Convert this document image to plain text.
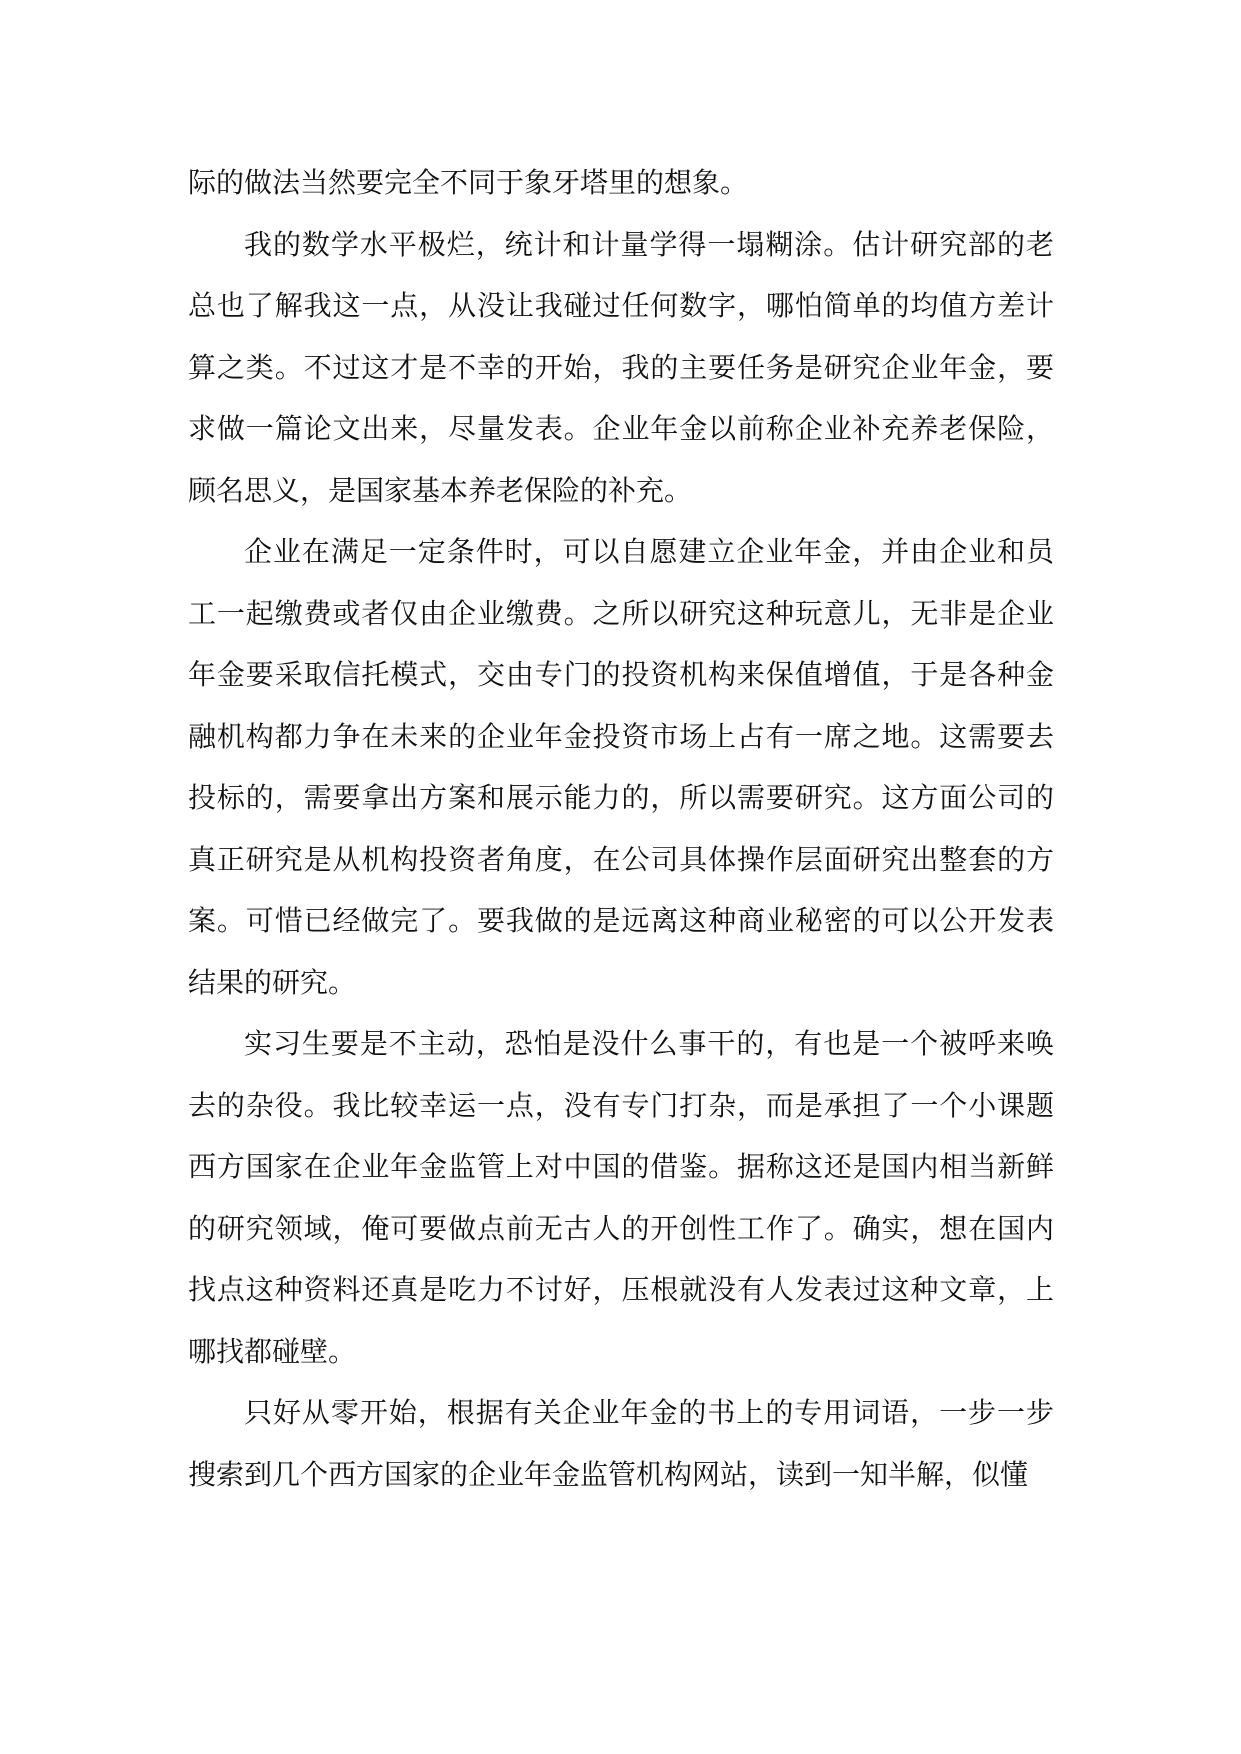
际的做法当然要完全不同于象牙塔里的想象。

我的数学水平极烂，统计和计量学得一塌糊涂。估计研究部的老总也了解我这一点，从没让我碰过任何数字，哪怕简单的均值方差计算之类。不过这才是不幸的开始，我的主要任务是研究企业年金，要求做一篇论文出来，尽量发表。企业年金以前称企业补充养老保险，顾名思义，是国家基本养老保险的补充。

企业在满足一定条件时，可以自愿建立企业年金，并由企业和员工一起缴费或者仅由企业缴费。之所以研究这种玩意儿，无非是企业年金要采取信托模式，交由专门的投资机构来保值增值，于是各种金融机构都力争在未来的企业年金投资市场上占有一席之地。这需要去投标的，需要拿出方案和展示能力的，所以需要研究。这方面公司的真正研究是从机构投资者角度，在公司具体操作层面研究出整套的方案。可惜已经做完了。要我做的是远离这种商业秘密的可以公开发表结果的研究。

实习生要是不主动，恐怕是没什么事干的，有也是一个被呼来唤去的杂役。我比较幸运一点，没有专门打杂，而是承担了一个小课题西方国家在企业年金监管上对中国的借鉴。据称这还是国内相当新鲜的研究领域，俺可要做点前无古人的开创性工作了。确实，想在国内找点这种资料还真是吃力不讨好，压根就没有人发表过这种文章，上哪找都碰壁。

只好从零开始，根据有关企业年金的书上的专用词语，一步一步搜索到几个西方国家的企业年金监管机构网站，读到一知半解，似懂
